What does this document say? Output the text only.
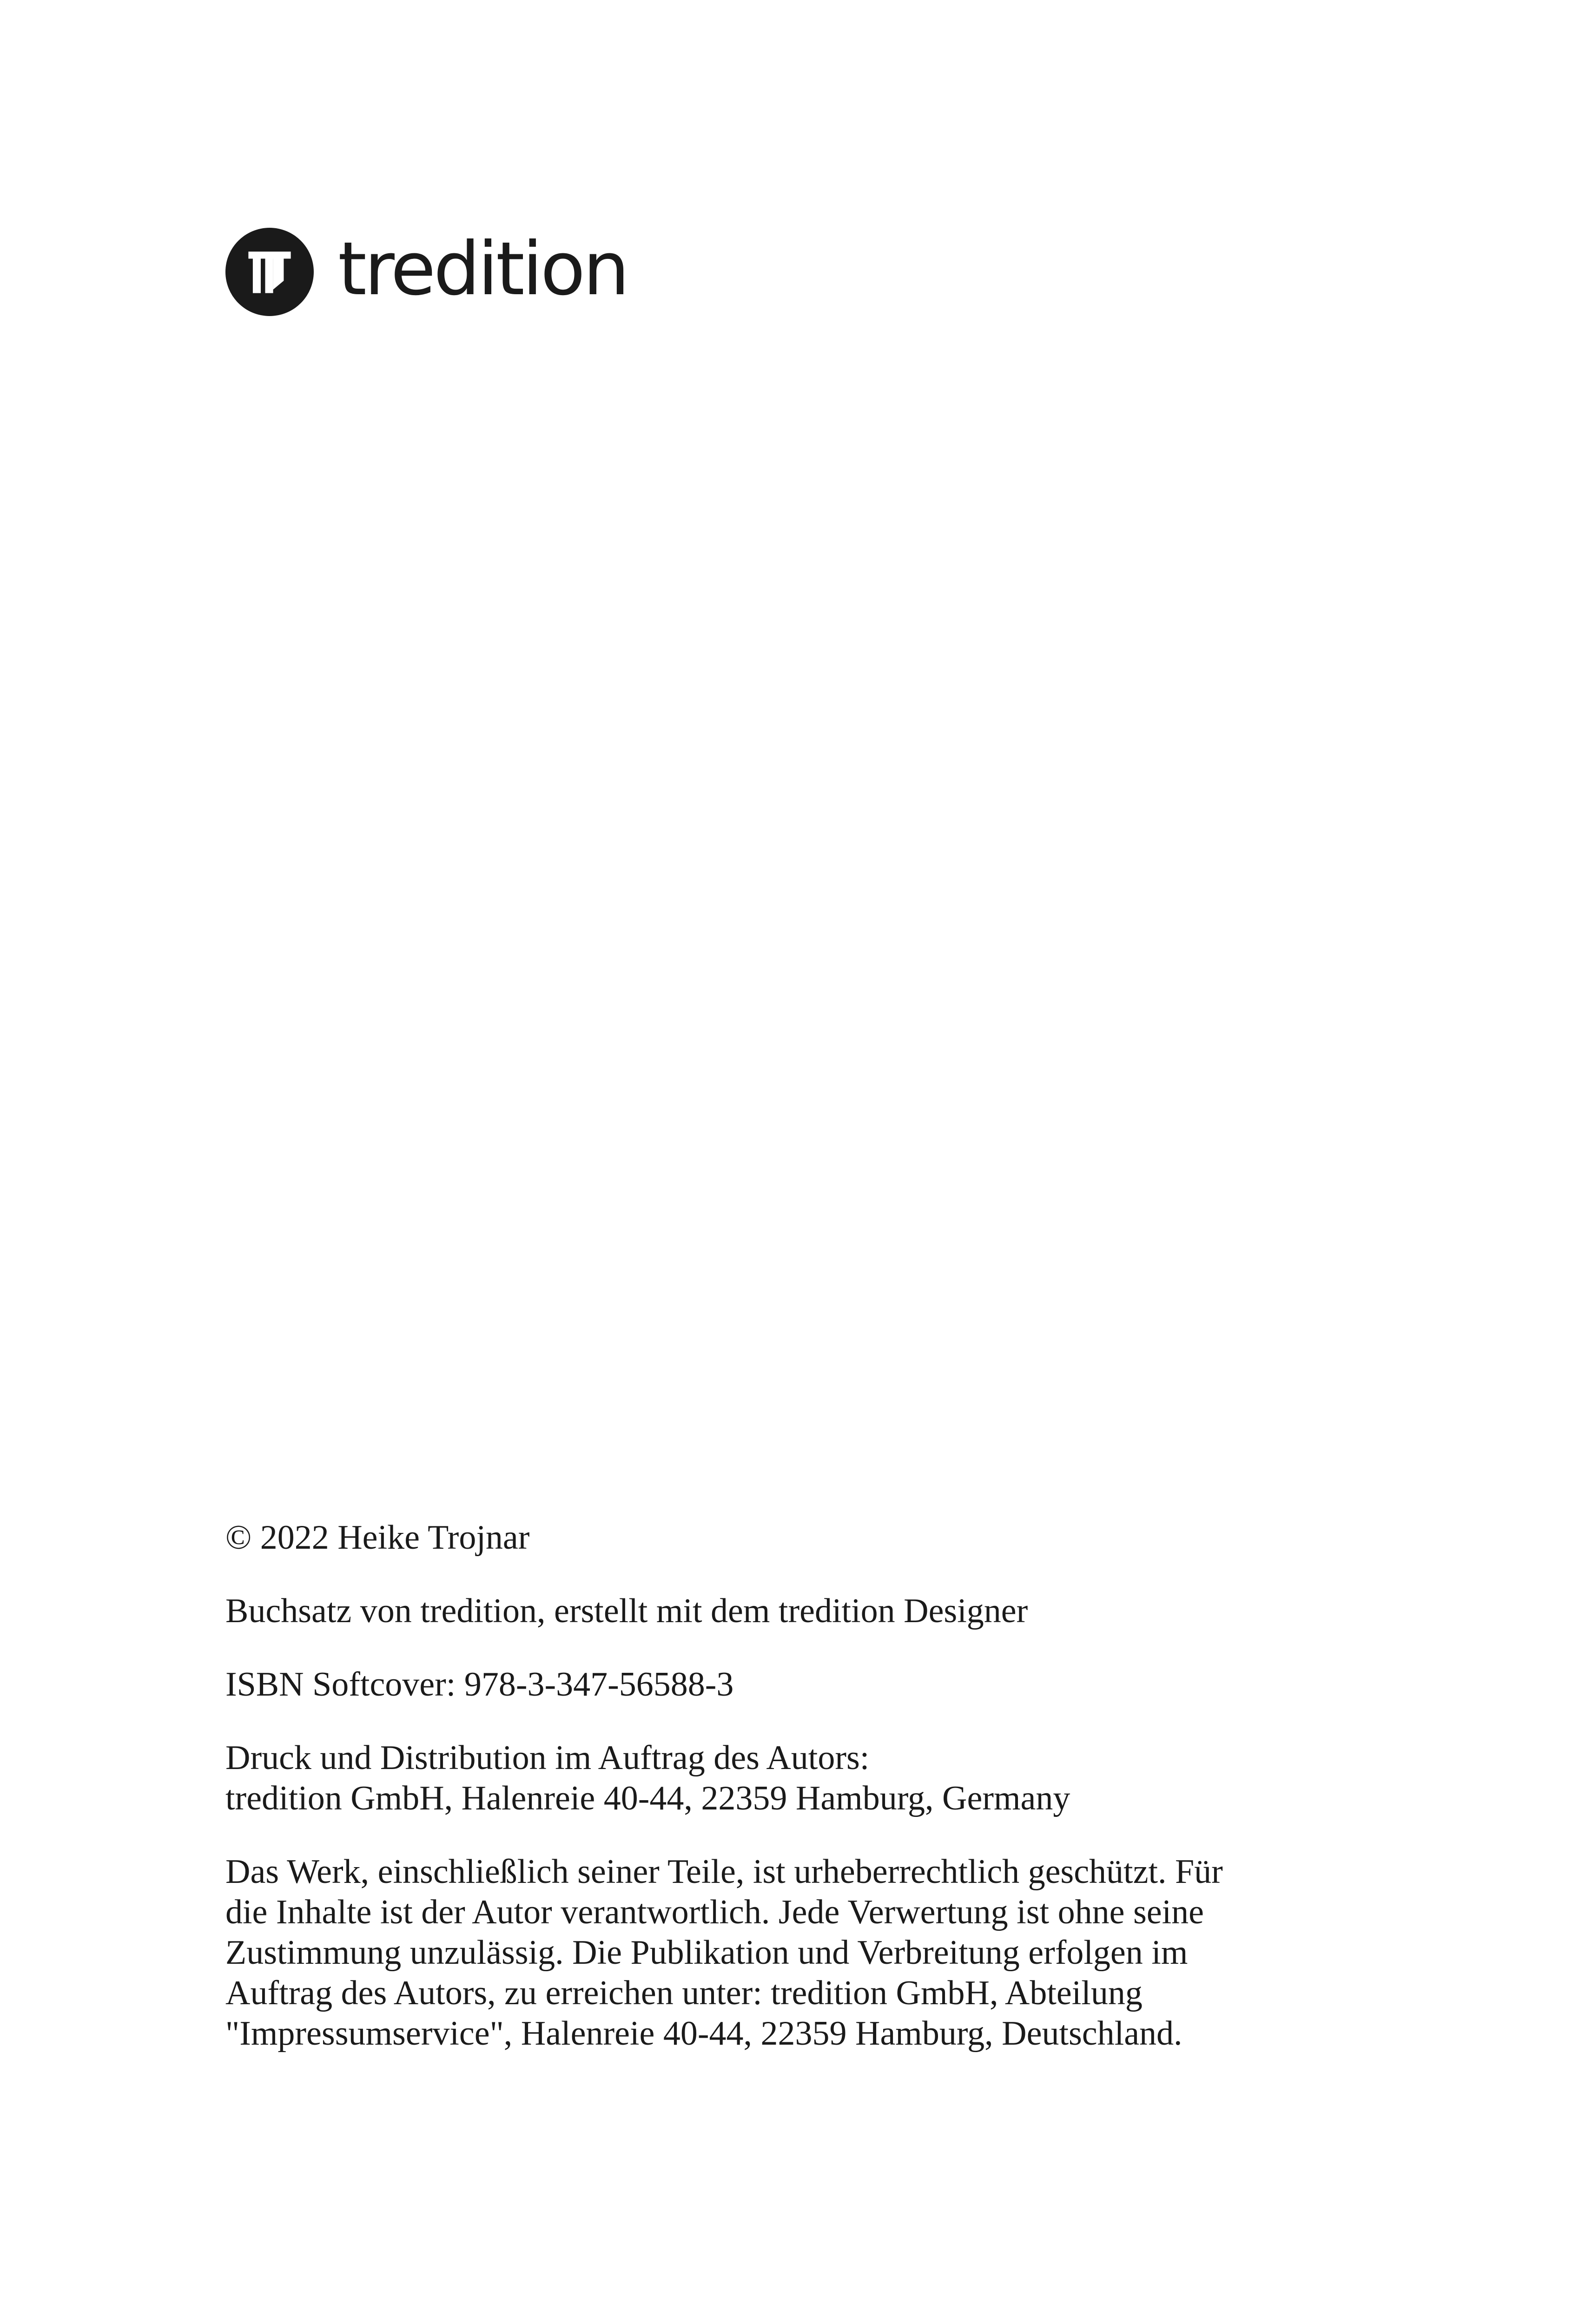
tredition

© 2022 Heike Trojnar

Buchsatz von tredition, erstellt mit dem tredition Designer

ISBN Softcover: 978-3-347-56588-3

Druck und Distribution im Auftrag des Autors:

tredition GmbH, Halenreie 40-44, 22359 Hamburg, Germany

Das Werk, einschließlich seiner Teile, ist urheberrechtlich geschützt. Für

die Inhalte ist der Autor verantwortlich. Jede Verwertung ist ohne seine

Zustimmung unzulässig. Die Publikation und Verbreitung erfolgen im

Auftrag des Autors, zu erreichen unter: tredition GmbH, Abteilung

"Impressumservice", Halenreie 40-44, 22359 Hamburg, Deutschland.
